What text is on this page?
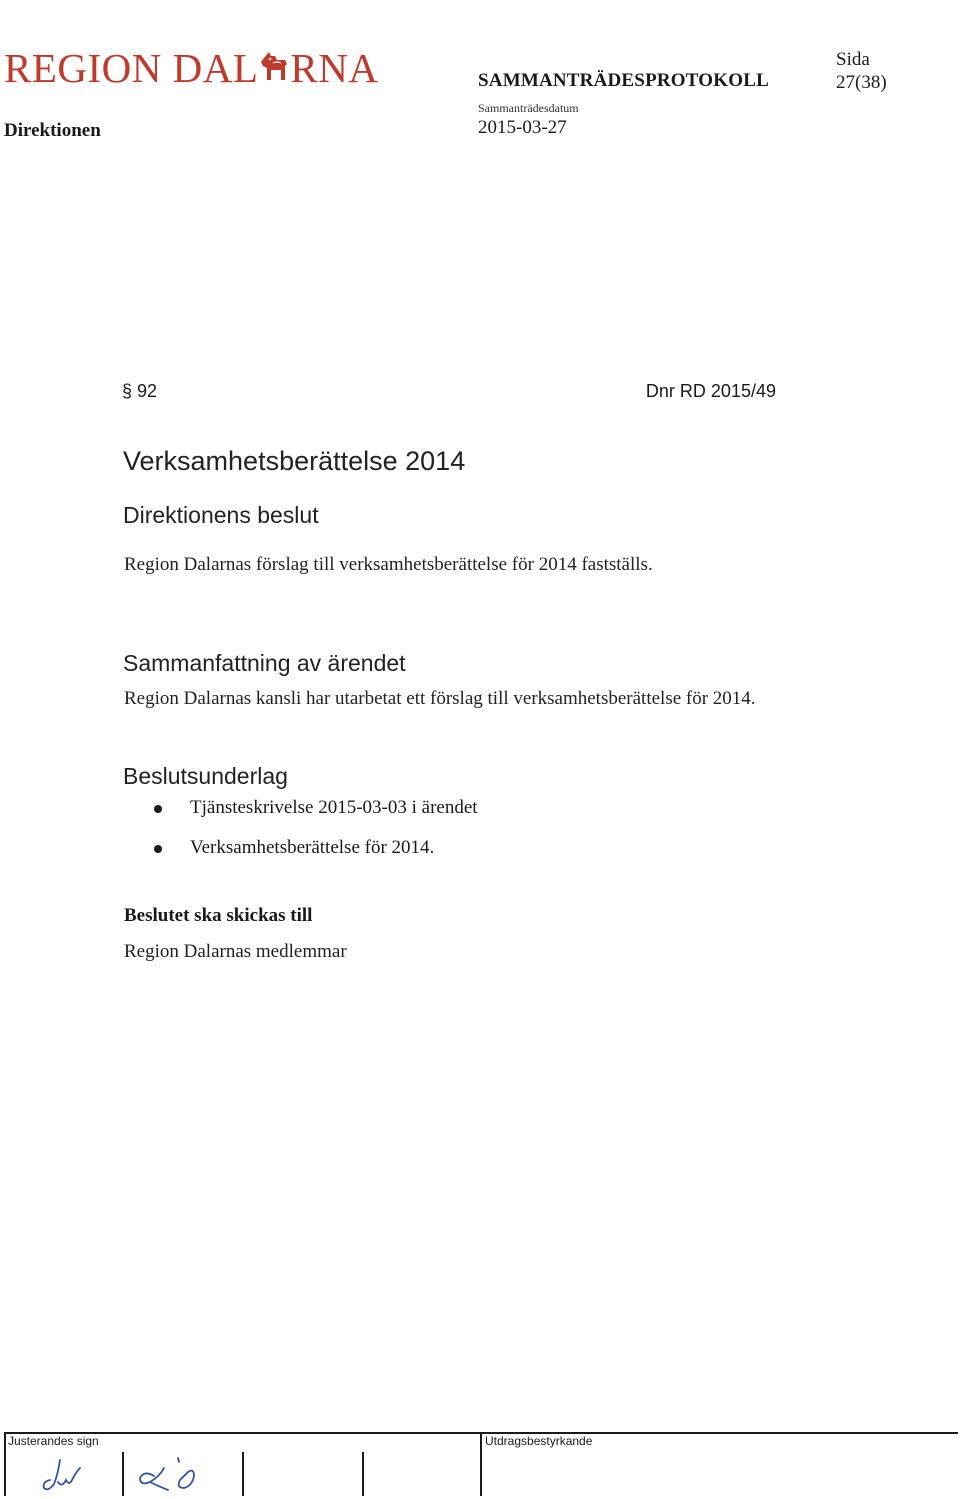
REGION DAL RNA
Direktionen
SAMMANTRÄDESPROTOKOLL
Sammanträdesdatum
2015-03-27
Sida
27(38)
§ 92	Dnr RD 2015/49
Verksamhetsberättelse 2014
Direktionens beslut
Region Dalarnas förslag till verksamhetsberättelse för 2014 fastställs.
Sammanfattning av ärendet
Region Dalarnas kansli har utarbetat ett förslag till verksamhetsberättelse för 2014.
Beslutsunderlag
Tjänsteskrivelse 2015-03-03 i ärendet
Verksamhetsberättelse för 2014.
Beslutet ska skickas till
Region Dalarnas medlemmar
Justerandes sign	Utdragsbestyrkande
